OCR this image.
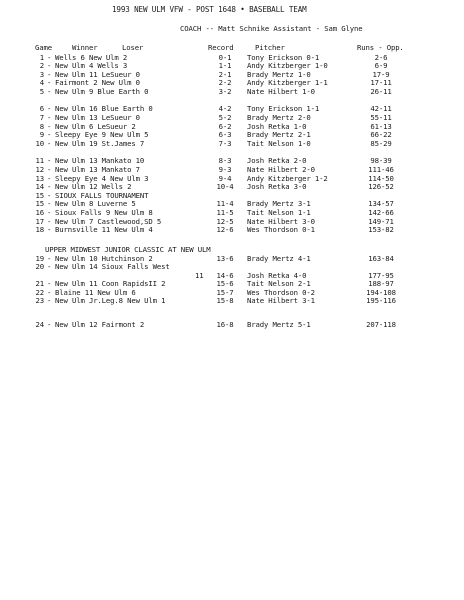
1993 NEW ULM VFW - POST 1648 • BASEBALL TEAM
COACH -- Matt Schnike Assistant - Sam Glyne
Game	Winner	Loser	Record	Pitcher	Runs - Opp.
1 - Wells 6 New Ulm 2	0-1	Tony Erickson 0-1	2-6
2 - New Ulm 4 Wells 3	1-1	Andy Kitzberger 1-0	6-9
3 - New Ulm 11 LeSueur 0	2-1	Brady Mertz 1-0	17-9
4 - Fairmont 2 New Ulm 0	2-2	Andy Kitzberger 1-1	17-11
5 - New Ulm 9 Blue Earth 0	3-2	Nate Hilbert 1-0	26-11
6 - New Ulm 16 Blue Earth 0	4-2	Tony Erickson 1-1	42-11
7 - New Ulm 13 LeSueur 0	5-2	Brady Mertz 2-0	55-11
8 - New Ulm 6 LeSueur 2	6-2	Josh Retka 1-0	61-13
9 - Sleepy Eye 9 New Ulm 5	6-3	Brady Mertz 2-1	66-22
10 - New Ulm 19 St.James 7	7-3	Tait Nelson 1-0	85-29
11 - New Ulm 13 Mankato 10	8-3	Josh Retka 2-0	98-39
12 - New Ulm 13 Mankato 7	9-3	Nate Hilbert 2-0	111-46
13 - Sleepy Eye 4 New Ulm 3	9-4	Andy Kitzberger 1-2	114-50
14 - New Ulm 12 Wells 2	10-4	Josh Retka 3-0	126-52
15 - SIOUX FALLS TOURNAMENT
15 - New Ulm 8 Luverne 5	11-4	Brady Mertz 3-1	134-57
16 - Sioux Falls 9 New Ulm 8	11-5	Tait Nelson 1-1	142-66
17 - New Ulm 7 Castlewood,SD 5	12-5	Nate Hilbert 3-0	149-71
18 - Burnsville 11 New Ulm 4	12-6	Wes Thordson 0-1	153-82
UPPER MIDWEST JUNIOR CLASSIC AT NEW ULM
19 - New Ulm 10 Hutchinson 2	13-6	Brady Mertz 4-1	163-84
20 - New Ulm 14 Sioux Falls West
11	14-6	Josh Retka 4-0	177-95
21 - New Ulm 11 Coon RapidsII 2	15-6	Tait Nelson 2-1	188-97
22 - Blaine 11 New Ulm 6	15-7	Wes Thordson 0-2	194-108
23 - New Ulm Jr.Leg.8 New Ulm 1	15-8	Nate Hilbert 3-1	195-116
24 - New Ulm 12 Fairmont 2	16-8	Brady Mertz 5-1	207-118
